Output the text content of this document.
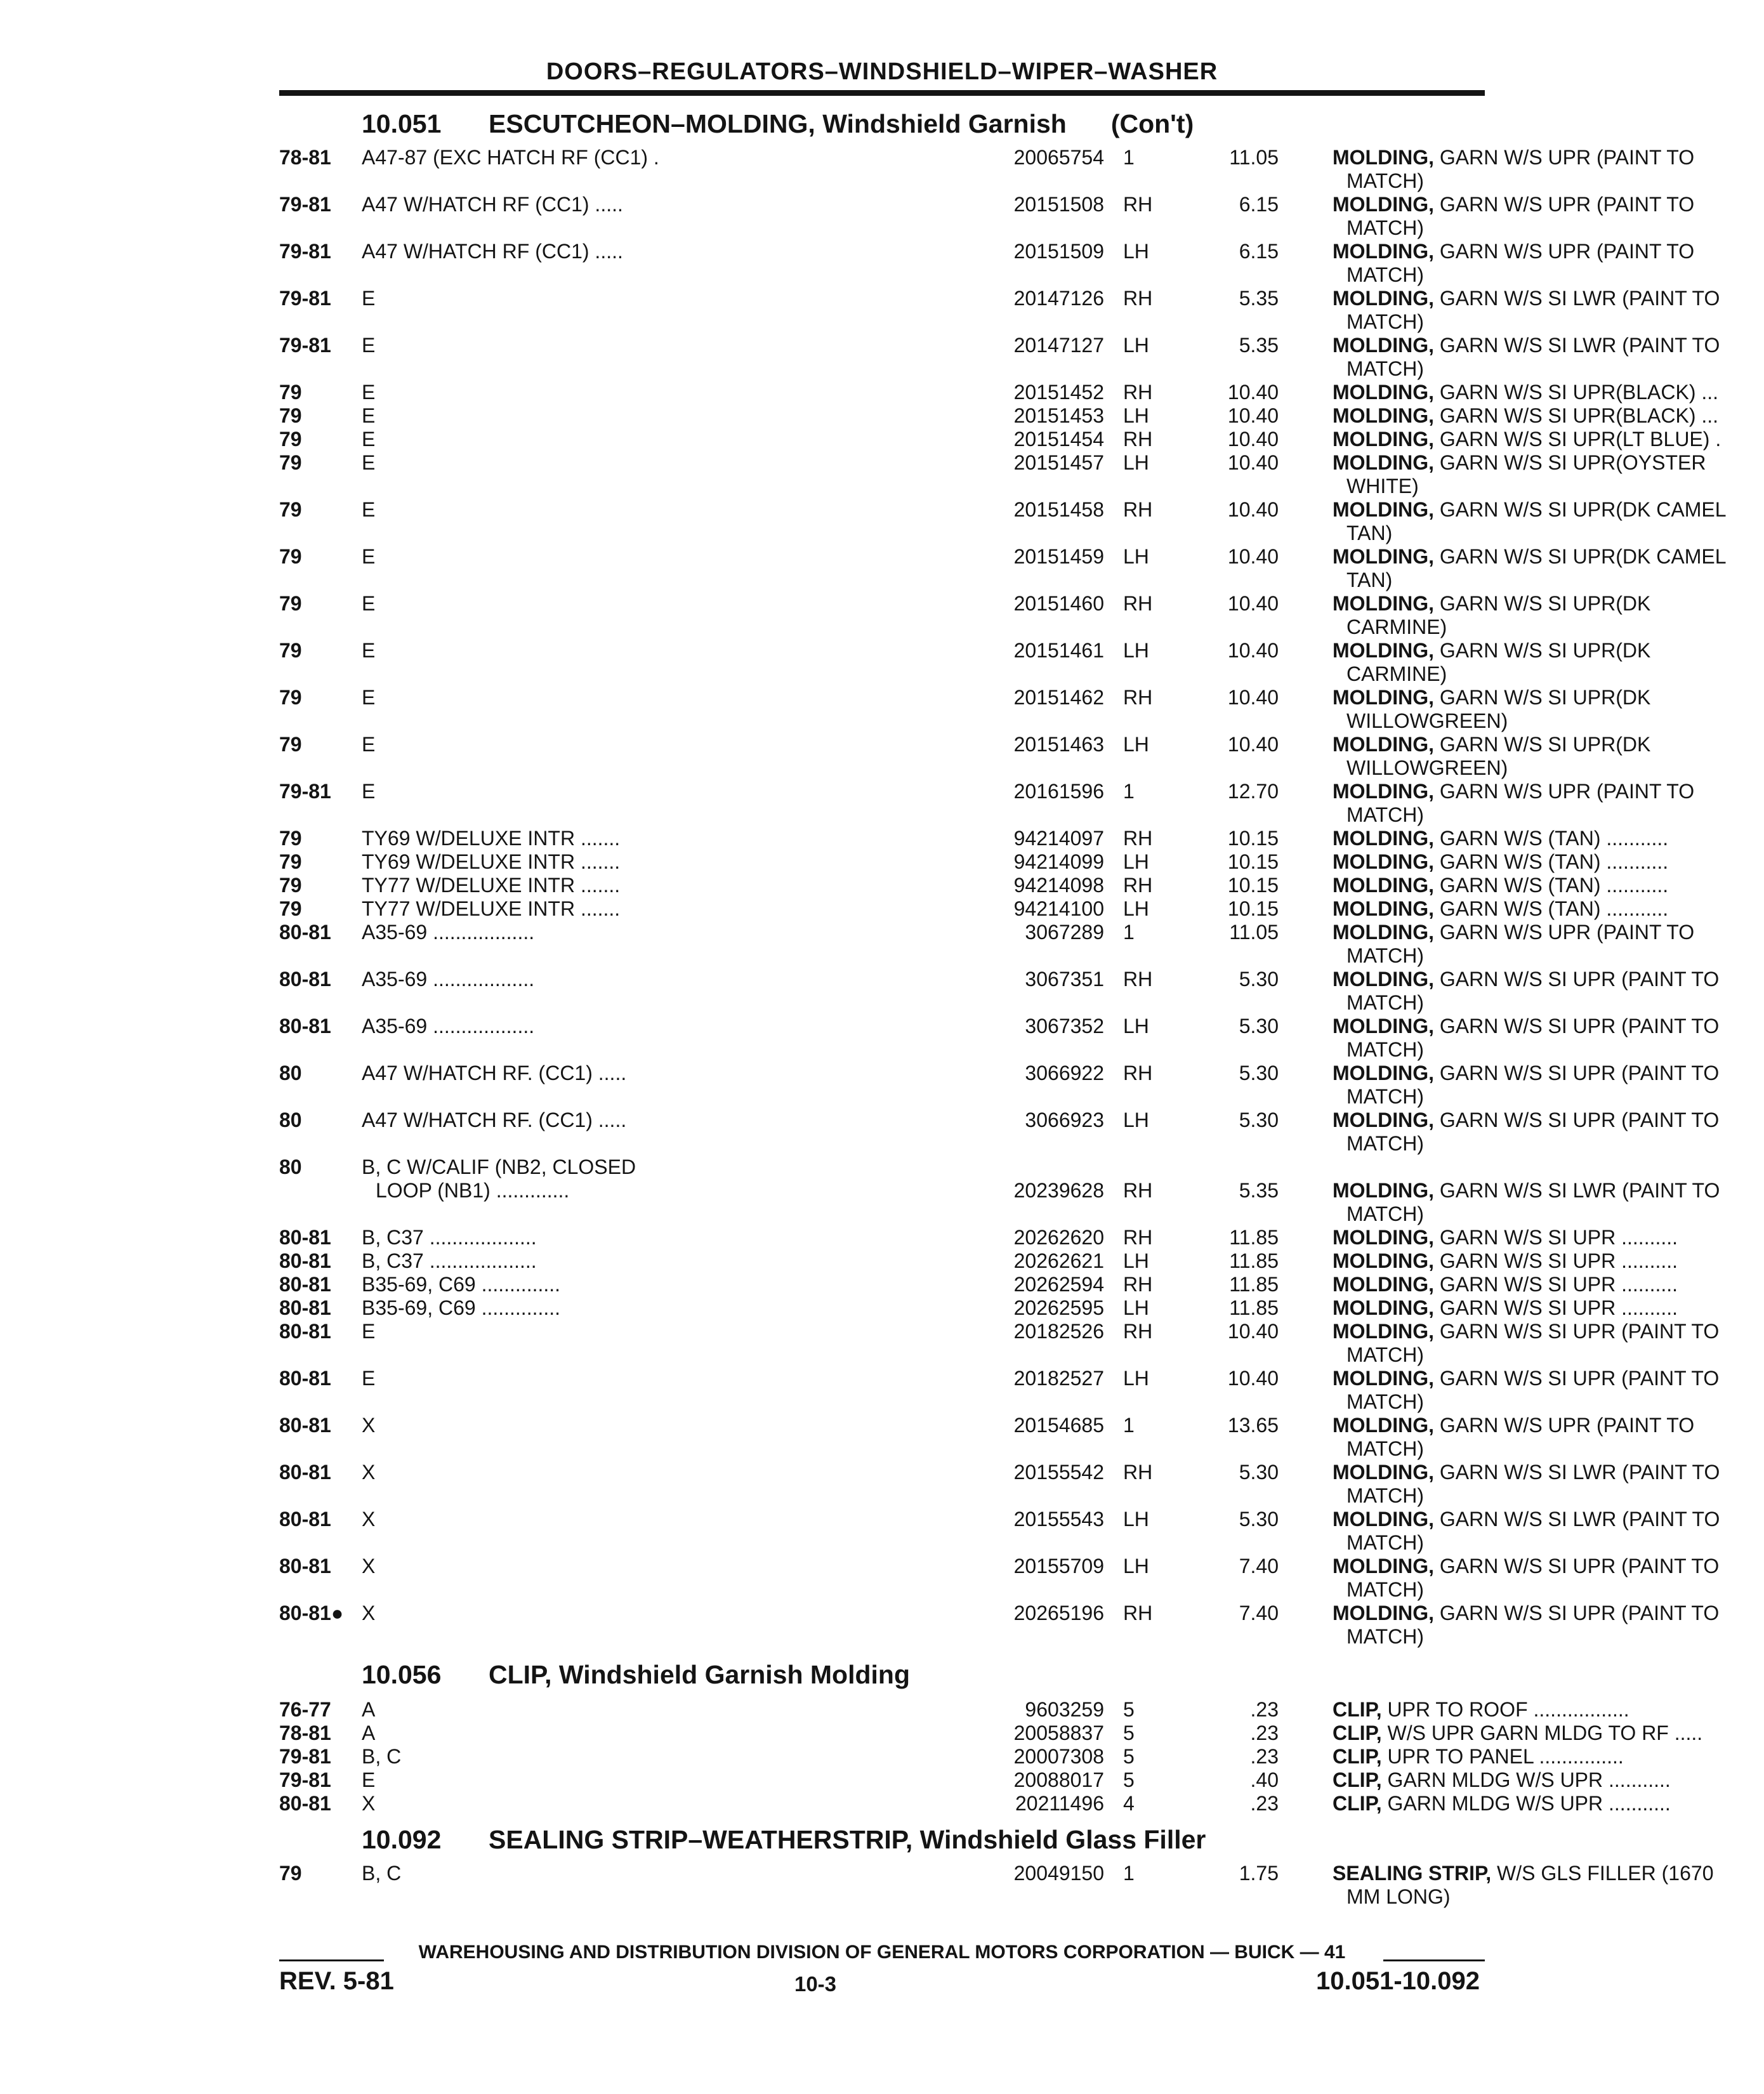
DOORS–REGULATORS–WINDSHIELD–WIPER–WASHER
10.051 ESCUTCHEON–MOLDING, Windshield Garnish (Con't)
78-81 A47-87 (EXC HATCH RF (CC1) .	20065754 1	11.05	MOLDING, GARN W/S UPR (PAINT TO
MATCH)
79-81 A47 W/HATCH RF (CC1) .....	20151508 RH	6.15	MOLDING, GARN W/S UPR (PAINT TO
MATCH)
79-81 A47 W/HATCH RF (CC1) .....	20151509 LH	6.15	MOLDING, GARN W/S UPR (PAINT TO
MATCH)
79-81 E	20147126 RH	5.35	MOLDING, GARN W/S SI LWR (PAINT TO
MATCH)
79-81 E	20147127 LH	5.35	MOLDING, GARN W/S SI LWR (PAINT TO
MATCH)
79	E	20151452 RH	10.40	MOLDING, GARN W/S SI UPR(BLACK) ...
79	E	20151453 LH	10.40	MOLDING, GARN W/S SI UPR(BLACK) ...
79	E	20151454 RH	10.40	MOLDING, GARN W/S SI UPR(LT BLUE) .
79	E	20151457 LH	10.40	MOLDING, GARN W/S SI UPR(OYSTER
WHITE)
79	E	20151458 RH	10.40	MOLDING, GARN W/S SI UPR(DK CAMEL
TAN)
79	E	20151459 LH	10.40	MOLDING, GARN W/S SI UPR(DK CAMEL
TAN)
79	E	20151460 RH	10.40	MOLDING, GARN W/S SI UPR(DK
CARMINE)
79	E	20151461 LH	10.40	MOLDING, GARN W/S SI UPR(DK
CARMINE)
79	E	20151462 RH	10.40	MOLDING, GARN W/S SI UPR(DK
WILLOWGREEN)
79	E	20151463 LH	10.40	MOLDING, GARN W/S SI UPR(DK
WILLOWGREEN)
79-81 E	20161596 1	12.70	MOLDING, GARN W/S UPR (PAINT TO
MATCH)
79	TY69 W/DELUXE INTR .......	94214097 RH	10.15	MOLDING, GARN W/S (TAN) ...........
79	TY69 W/DELUXE INTR .......	94214099 LH	10.15	MOLDING, GARN W/S (TAN) ...........
79	TY77 W/DELUXE INTR .......	94214098 RH	10.15	MOLDING, GARN W/S (TAN) ...........
79	TY77 W/DELUXE INTR .......	94214100 LH	10.15	MOLDING, GARN W/S (TAN) ...........
80-81 A35-69 ..................	3067289 1	11.05	MOLDING, GARN W/S UPR (PAINT TO
MATCH)
80-81 A35-69 ..................	3067351 RH	5.30	MOLDING, GARN W/S SI UPR (PAINT TO
MATCH)
80-81 A35-69 ..................	3067352 LH	5.30	MOLDING, GARN W/S SI UPR (PAINT TO
MATCH)
80	A47 W/HATCH RF. (CC1) .....	3066922 RH	5.30	MOLDING, GARN W/S SI UPR (PAINT TO
MATCH)
80	A47 W/HATCH RF. (CC1) .....	3066923 LH	5.30	MOLDING, GARN W/S SI UPR (PAINT TO
MATCH)
80	B, C W/CALIF (NB2, CLOSED
LOOP (NB1) .............	20239628 RH	5.35	MOLDING, GARN W/S SI LWR (PAINT TO
MATCH)
80-81 B, C37 ...................	20262620 RH	11.85	MOLDING, GARN W/S SI UPR ..........
80-81 B, C37 ...................	20262621 LH	11.85	MOLDING, GARN W/S SI UPR ..........
80-81 B35-69, C69 ..............	20262594 RH	11.85	MOLDING, GARN W/S SI UPR ..........
80-81 B35-69, C69 ..............	20262595 LH	11.85	MOLDING, GARN W/S SI UPR ..........
80-81 E	20182526 RH	10.40	MOLDING, GARN W/S SI UPR (PAINT TO
MATCH)
80-81 E	20182527 LH	10.40	MOLDING, GARN W/S SI UPR (PAINT TO
MATCH)
80-81 X	20154685 1	13.65	MOLDING, GARN W/S UPR (PAINT TO
MATCH)
80-81 X	20155542 RH	5.30	MOLDING, GARN W/S SI LWR (PAINT TO
MATCH)
80-81 X	20155543 LH	5.30	MOLDING, GARN W/S SI LWR (PAINT TO
MATCH)
80-81 X	20155709 LH	7.40	MOLDING, GARN W/S SI UPR (PAINT TO
MATCH)
80-81● X	20265196 RH	7.40	MOLDING, GARN W/S SI UPR (PAINT TO
MATCH)
10.056 CLIP, Windshield Garnish Molding
76-77 A	9603259 5	.23	CLIP, UPR TO ROOF .................
78-81 A	20058837 5	.23	CLIP, W/S UPR GARN MLDG TO RF .....
79-81 B, C	20007308 5	.23	CLIP, UPR TO PANEL ...............
79-81 E	20088017 5	.40	CLIP, GARN MLDG W/S UPR ...........
80-81 X	20211496 4	.23	CLIP, GARN MLDG W/S UPR ...........
10.092 SEALING STRIP–WEATHERSTRIP, Windshield Glass Filler
79	B, C	20049150 1	1.75	SEALING STRIP, W/S GLS FILLER (1670
MM LONG)
WAREHOUSING AND DISTRIBUTION DIVISION OF GENERAL MOTORS CORPORATION — BUICK — 41
REV. 5-81	10-3	10.051-10.092
